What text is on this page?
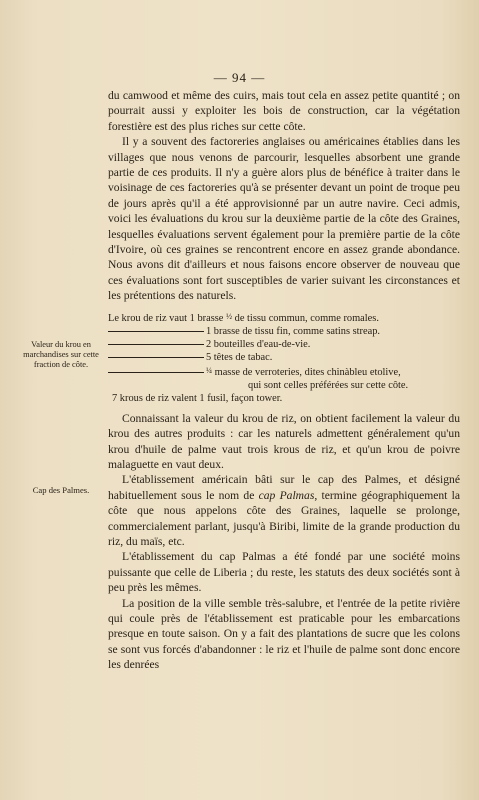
— 94 —

du camwood et même des cuirs, mais tout cela en assez petite quantité ; on pourrait aussi y exploiter les bois de construction, car la végétation forestière est des plus riches sur cette côte.

Il y a souvent des factoreries anglaises ou américaines établies dans les villages que nous venons de parcourir, lesquelles absorbent une grande partie de ces produits. Il n'y a guère alors plus de bénéfice à traiter dans le voisinage de ces factoreries qu'à se présenter devant un point de troque peu de jours après qu'il a été approvisionné par un autre navire. Ceci admis, voici les évaluations du krou sur la deuxième partie de la côte des Graines, lesquelles évaluations servent également pour la première partie de la côte d'Ivoire, où ces graines se rencontrent encore en assez grande abondance. Nous avons dit d'ailleurs et nous faisons encore observer de nouveau que ces évaluations sont fort susceptibles de varier suivant les circonstances et les prétentions des naturels.

Le krou de riz vaut 1 brasse ½ de tissu commun, comme romales.
1 brasse de tissu fin, comme satins streap.
2 bouteilles d'eau-de-vie.
5 têtes de tabac.
¼ masse de verroteries, dites chinàbleu etolive,
qui sont celles préférées sur cette côte.
7 krous de riz valent 1 fusil, façon tower.

Connaissant la valeur du krou de riz, on obtient facilement la valeur du krou des autres produits : car les naturels admettent généralement qu'un krou d'huile de palme vaut trois krous de riz, et qu'un krou de poivre malaguette en vaut deux.

L'établissement américain bâti sur le cap des Palmes, et désigné habituellement sous le nom de cap Palmas, termine géographiquement la côte que nous appelons côte des Graines, laquelle se prolonge, commercialement parlant, jusqu'à Biribi, limite de la grande production du riz, du maïs, etc.

L'établissement du cap Palmas a été fondé par une société moins puissante que celle de Liberia ; du reste, les statuts des deux sociétés sont à peu près les mêmes.

La position de la ville semble très-salubre, et l'entrée de la petite rivière qui coule près de l'établissement est praticable pour les embarcations presque en toute saison. On y a fait des plantations de sucre que les colons se sont vus forcés d'abandonner : le riz et l'huile de palme sont donc encore les denrées

Valeur du krou en marchandises sur cette fraction de côte.
Cap des Palmes.
